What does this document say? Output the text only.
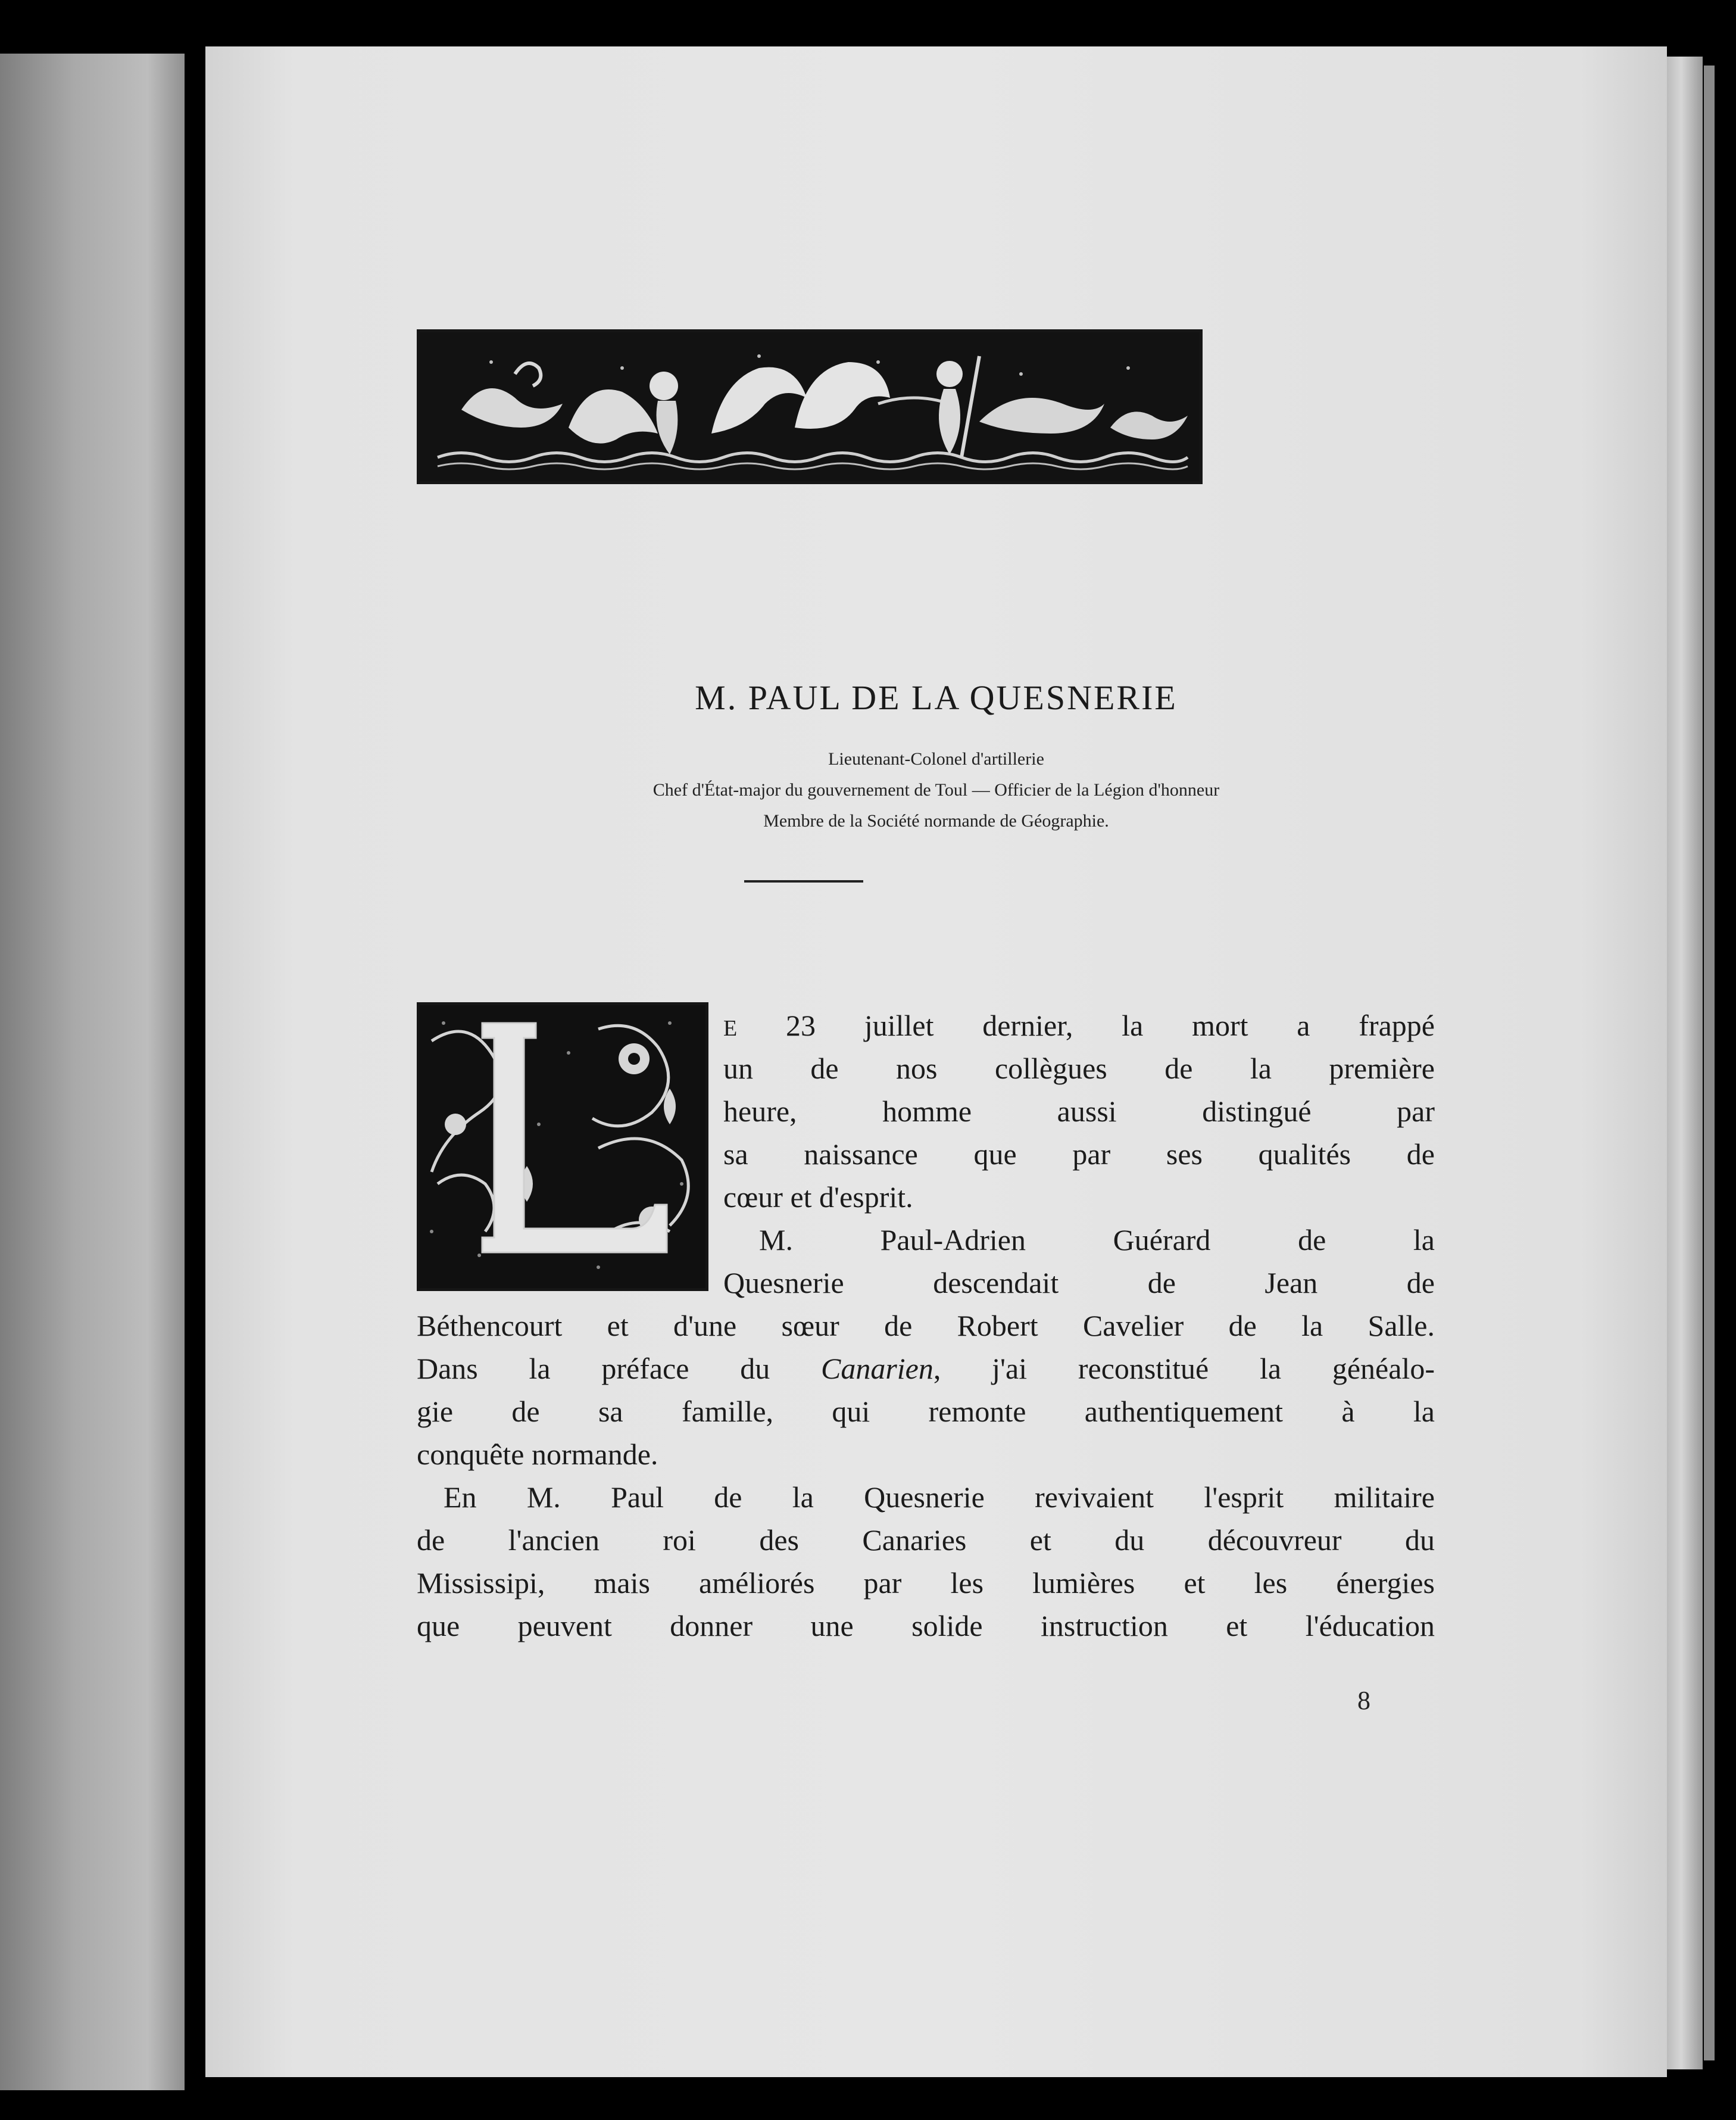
M. PAUL DE LA QUESNERIE
Lieutenant-Colonel d'artillerie
Chef d'État-major du gouvernement de Toul — Officier de la Légion d'honneur
Membre de la Société normande de Géographie.
E 23 juillet dernier, la mort a frappé
un de nos collègues de la première
heure, homme aussi distingué par
sa naissance que par ses qualités de
cœur et d'esprit.
M. Paul-Adrien Guérard de la
Quesnerie descendait de Jean de
Béthencourt et d'une sœur de Robert Cavelier de la Salle.
Dans la préface du Canarien, j'ai reconstitué la généalo-
gie de sa famille, qui remonte authentiquement à la
conquête normande.
En M. Paul de la Quesnerie revivaient l'esprit militaire
de l'ancien roi des Canaries et du découvreur du
Mississipi, mais améliorés par les lumières et les énergies
que peuvent donner une solide instruction et l'éducation
8
